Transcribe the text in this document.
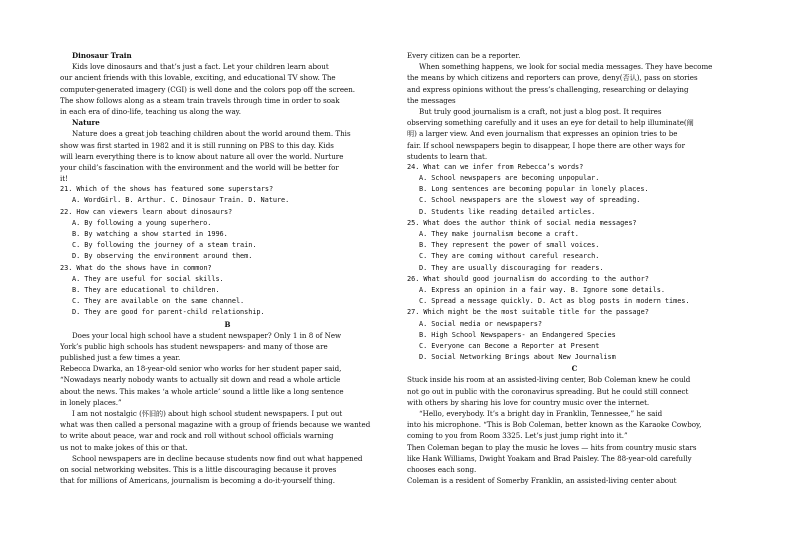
Dinosaur Train
Kids love dinosaurs and that’s just a fact. Let your children learn about
our ancient friends with this lovable, exciting, and educational TV show. The
computer-generated imagery (CGI) is well done and the colors pop off the screen.
The show follows along as a steam train travels through time in order to soak
in each era of dino-life, teaching us along the way.
Nature
Nature does a great job teaching children about the world around them. This
show was first started in 1982 and it is still running on PBS to this day. Kids
will learn everything there is to know about nature all over the world. Nurture
your child’s fascination with the environment and the world will be better for
it!
21. Which of the shows has featured some superstars?
A. WordGirl. B. Arthur. C. Dinosaur Train. D. Nature.
22. How can viewers learn about dinosaurs?
A. By following a young superhero.
B. By watching a show started in 1996.
C. By following the journey of a steam train.
D. By observing the environment around them.
23. What do the shows have in common?
A. They are useful for social skills.
B. They are educational to children.
C. They are available on the same channel.
D. They are good for parent-child relationship.
B
Does your local high school have a student newspaper? Only 1 in 8 of New
York’s public high schools has student newspapers- and many of those are
published just a few times a year.
Rebecca Dwarka, an 18-year-old senior who works for her student paper said,
“Nowadays nearly nobody wants to actually sit down and read a whole article
about the news. This makes ‘a whole article’ sound a little like a long sentence
in lonely places.”
I am not nostalgic (怀旧的) about high school student newspapers. I put out
what was then called a personal magazine with a group of friends because we wanted
to write about peace, war and rock and roll without school officials warning
us not to make jokes of this or that.
School newspapers are in decline because students now find out what happened
on social networking websites. This is a little discouraging because it proves
that for millions of Americans, journalism is becoming a do-it-yourself thing.
Every citizen can be a reporter.
When something happens, we look for social media messages. They have become
the means by which citizens and reporters can prove, deny(否认), pass on stories
and express opinions without the press’s challenging, researching or delaying
the messages
But truly good journalism is a craft, not just a blog post. It requires
observing something carefully and it uses an eye for detail to help illuminate(阐
明) a larger view. And even journalism that expresses an opinion tries to be
fair. If school newspapers begin to disappear, I hope there are other ways for
students to learn that.
24. What can we infer from Rebecca’s words?
A. School newspapers are becoming unpopular.
B. Long sentences are becoming popular in lonely places.
C. School newspapers are the slowest way of spreading.
D. Students like reading detailed articles.
25. What does the author think of social media messages?
A. They make journalism become a craft.
B. They represent the power of small voices.
C. They are coming without careful research.
D. They are usually discouraging for readers.
26. What should good journalism do according to the author?
A. Express an opinion in a fair way. B. Ignore some details.
C. Spread a message quickly. D. Act as blog posts in modern times.
27. Which might be the most suitable title for the passage?
A. Social media or newspapers?
B. High School Newspapers- an Endangered Species
C. Everyone can Become a Reporter at Present
D. Social Networking Brings about New Journalism
C
Stuck inside his room at an assisted-living center, Bob Coleman knew he could
not go out in public with the coronavirus spreading. But he could still connect
with others by sharing his love for country music over the internet.
“Hello, everybody. It’s a bright day in Franklin, Tennessee,” he said
into his microphone. “This is Bob Coleman, better known as the Karaoke Cowboy,
coming to you from Room 3325. Let’s just jump right into it.”
Then Coleman began to play the music he loves — hits from country music stars
like Hank Williams, Dwight Yoakam and Brad Paisley. The 88-year-old carefully
chooses each song.
Coleman is a resident of Somerby Franklin, an assisted-living center about
